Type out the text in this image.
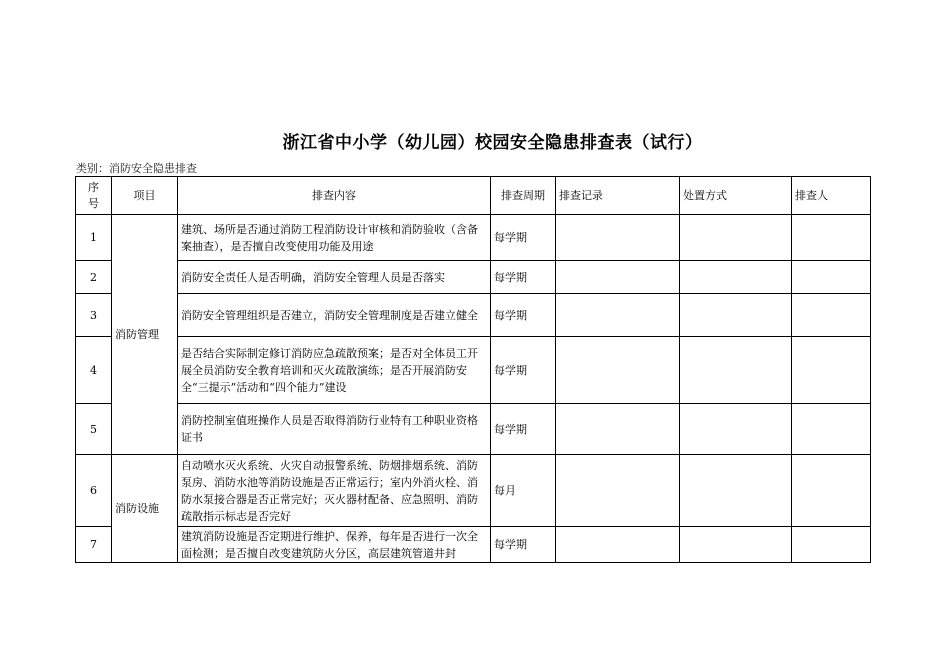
浙江省中小学（幼儿园）校园安全隐患排查表（试行）
类别：消防安全隐患排查
序号	项目	排查内容	排查周期	排查记录	处置方式	排查人
1	消防管理	建筑、场所是否通过消防工程消防设计审核和消防验收（含备案抽查），是否擅自改变使用功能及用途	每学期			
2		消防安全责任人是否明确，消防安全管理人员是否落实	每学期			
3		消防安全管理组织是否建立，消防安全管理制度是否建立健全	每学期			
4		是否结合实际制定修订消防应急疏散预案；是否对全体员工开展全员消防安全教育培训和灭火疏散演练；是否开展消防安全“三提示”活动和“四个能力”建设	每学期			
5		消防控制室值班操作人员是否取得消防行业特有工种职业资格证书	每学期			
6	消防设施	自动喷水灭火系统、火灾自动报警系统、防烟排烟系统、消防泵房、消防水池等消防设施是否正常运行；室内外消火栓、消防水泵接合器是否正常完好；灭火器材配备、应急照明、消防疏散指示标志是否完好	每月			
7		建筑消防设施是否定期进行维护、保养，每年是否进行一次全面检测；是否擅自改变建筑防火分区，高层建筑管道井封	每学期			
